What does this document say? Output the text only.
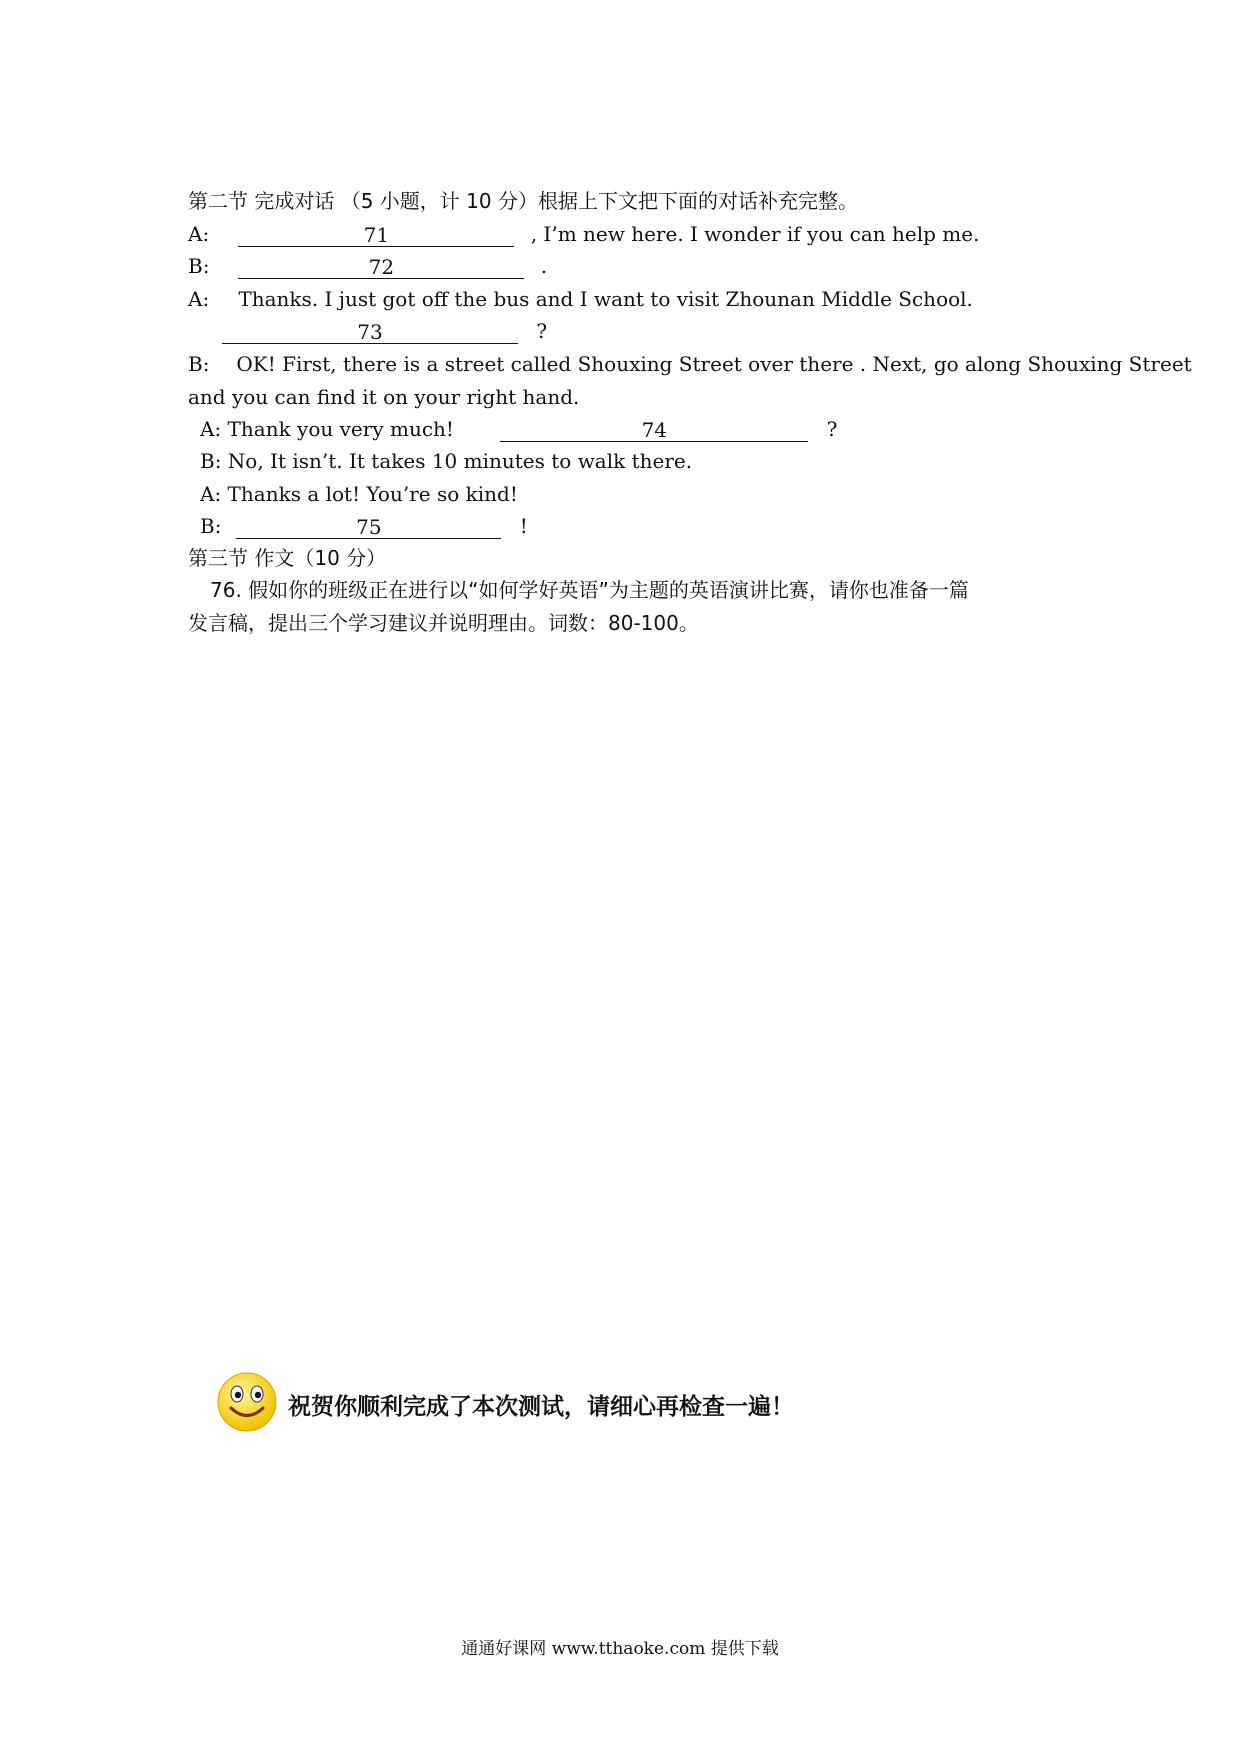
第二节 完成对话 （5 小题，计 10 分）根据上下文把下面的对话补充完整。
A:	71	, I’m new here. I wonder if you can help me.
B:	72	.
A: Thanks. I just got off the bus and I want to visit Zhounan Middle School.
73	?
B: OK! First, there is a street called Shouxing Street over there . Next, go along Shouxing Street
and you can find it on your right hand.
A: Thank you very much!	74	?
B: No, It isn’t. It takes 10 minutes to walk there.
A: Thanks a lot! You’re so kind!
B:	75	!
第三节 作文（10 分）
76. 假如你的班级正在进行以“如何学好英语”为主题的英语演讲比赛，请你也准备一篇
发言稿，提出三个学习建议并说明理由。词数：80-100。
祝贺你顺利完成了本次测试，请细心再检查一遍！
通通好课网 www.tthaoke.com 提供下载
